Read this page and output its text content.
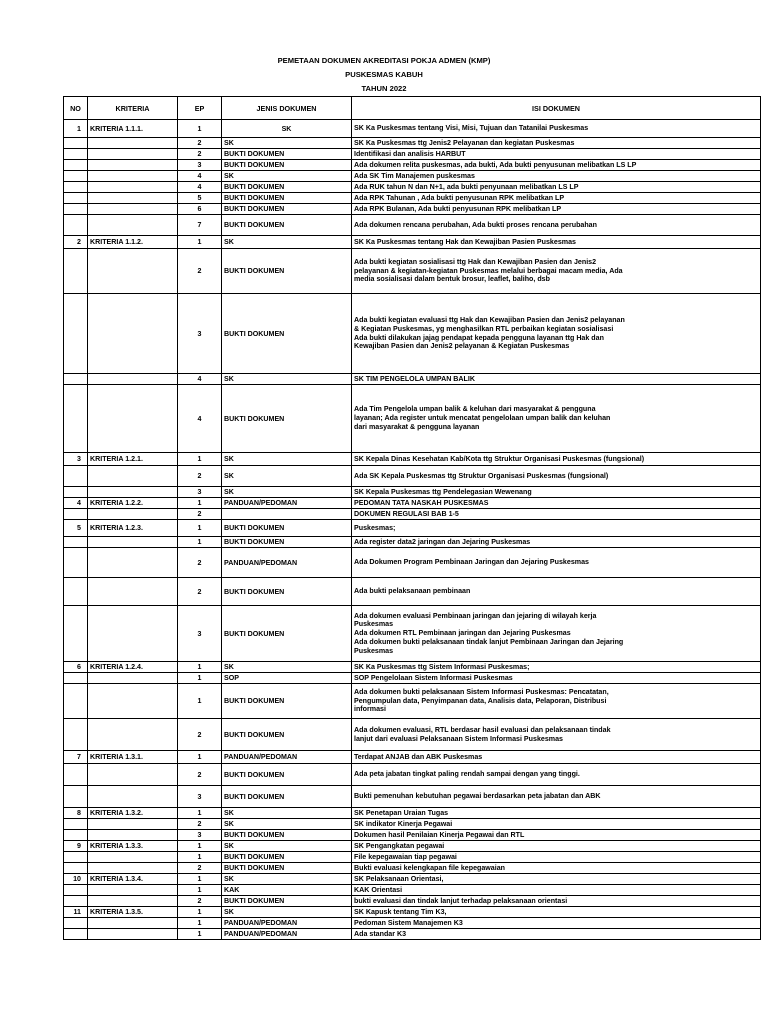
PEMETAAN DOKUMEN AKREDITASI POKJA ADMEN (KMP)
PUSKESMAS KABUH
TAHUN 2022
NO	KRITERIA	EP	JENIS DOKUMEN	ISI DOKUMEN
1	KRITERIA 1.1.1.	1	SK	SK Ka Puskesmas tentang Visi, Misi, Tujuan dan Tatanilai Puskesmas
		2	SK	SK Ka Puskesmas ttg Jenis2 Pelayanan dan kegiatan Puskesmas
		2	BUKTI DOKUMEN	Identifikasi dan analisis HARBUT
		3	BUKTI DOKUMEN	Ada dokumen relita puskesmas, ada bukti, Ada bukti penyusunan melibatkan LS LP
		4	SK	Ada SK Tim Manajemen puskesmas
		4	BUKTI DOKUMEN	Ada RUK tahun N dan N+1, ada bukti penyunaan melibatkan LS LP
		5	BUKTI DOKUMEN	Ada RPK Tahunan , Ada bukti penyusunan RPK melibatkan LP
		6	BUKTI DOKUMEN	Ada RPK Bulanan, Ada bukti penyusunan RPK melibatkan LP
		7	BUKTI DOKUMEN	Ada dokumen rencana perubahan, Ada bukti proses rencana perubahan
2	KRITERIA 1.1.2.	1	SK	SK Ka Puskesmas tentang Hak dan Kewajiban Pasien Puskesmas
		2	BUKTI DOKUMEN	Ada bukti kegiatan sosialisasi ttg Hak dan Kewajiban Pasien dan Jenis2
pelayanan & kegiatan-kegiatan Puskesmas melalui berbagai macam media, Ada
media sosialisasi dalam bentuk brosur, leaflet, baliho, dsb
		3	BUKTI DOKUMEN	Ada bukti kegiatan evaluasi ttg Hak dan Kewajiban Pasien dan Jenis2 pelayanan
& Kegiatan Puskesmas, yg menghasilkan RTL perbaikan kegiatan sosialisasi
Ada bukti dilakukan jajag pendapat kepada pengguna layanan ttg Hak dan
Kewajiban Pasien dan Jenis2 pelayanan & Kegiatan Puskesmas
		4	SK	SK TIM PENGELOLA UMPAN BALIK
		4	BUKTI DOKUMEN	Ada Tim Pengelola umpan balik & keluhan dari masyarakat & pengguna
layanan; Ada register untuk mencatat pengelolaan umpan balik dan keluhan
dari masyarakat & pengguna layanan
3	KRITERIA 1.2.1.	1	SK	SK Kepala Dinas Kesehatan Kab/Kota ttg Struktur Organisasi Puskesmas (fungsional)
		2	SK	Ada SK Kepala Puskesmas ttg Struktur Organisasi Puskesmas (fungsional)
		3	SK	SK Kepala Puskesmas ttg Pendelegasian Wewenang
4	KRITERIA 1.2.2.	1	PANDUAN/PEDOMAN	PEDOMAN TATA NASKAH PUSKESMAS
		2		DOKUMEN REGULASI BAB 1-5
5	KRITERIA 1.2.3.	1	BUKTI DOKUMEN	Puskesmas;
		1	BUKTI DOKUMEN	Ada register data2 jaringan dan Jejaring Puskesmas
		2	PANDUAN/PEDOMAN	Ada Dokumen Program Pembinaan Jaringan dan Jejaring Puskesmas
		2	BUKTI DOKUMEN	Ada bukti pelaksanaan pembinaan
		3	BUKTI DOKUMEN	Ada dokumen evaluasi Pembinaan jaringan dan jejaring di wilayah kerja
Puskesmas
Ada dokumen RTL Pembinaan jaringan dan Jejaring Puskesmas
Ada dokumen bukti pelaksanaan tindak lanjut Pembinaan Jaringan dan Jejaring
Puskesmas
6	KRITERIA 1.2.4.	1	SK	SK Ka Puskesmas ttg Sistem Informasi Puskesmas;
		1	SOP	SOP Pengelolaan Sistem Informasi Puskesmas
		1	BUKTI DOKUMEN	Ada dokumen bukti pelaksanaan Sistem Informasi Puskesmas: Pencatatan,
Pengumpulan data, Penyimpanan data, Analisis data, Pelaporan, Distribusi
informasi
		2	BUKTI DOKUMEN	Ada dokumen evaluasi, RTL berdasar hasil evaluasi dan pelaksanaan tindak
lanjut dari evaluasi Pelaksanaan Sistem Informasi Puskesmas
7	KRITERIA 1.3.1.	1	PANDUAN/PEDOMAN	Terdapat ANJAB dan ABK Puskesmas
		2	BUKTI DOKUMEN	Ada peta jabatan tingkat paling rendah sampai dengan yang tinggi.
		3	BUKTI DOKUMEN	Bukti pemenuhan kebutuhan pegawai berdasarkan peta jabatan dan ABK
8	KRITERIA 1.3.2.	1	SK	SK Penetapan Uraian Tugas
		2	SK	SK indikator Kinerja Pegawai
		3	BUKTI DOKUMEN	Dokumen hasil Penilaian Kinerja Pegawai dan RTL
9	KRITERIA 1.3.3.	1	SK	SK Pengangkatan pegawai
		1	BUKTI DOKUMEN	File kepegawaian tiap pegawai
		2	BUKTI DOKUMEN	Bukti evaluasi kelengkapan file kepegawaian
10	KRITERIA 1.3.4.	1	SK	SK Pelaksanaan Orientasi,
		1	KAK	KAK Orientasi
		2	BUKTI DOKUMEN	bukti evaluasi dan tindak lanjut terhadap pelaksanaan orientasi
11	KRITERIA 1.3.5.	1	SK	SK Kapusk tentang Tim K3,
		1	PANDUAN/PEDOMAN	Pedoman Sistem Manajemen K3
		1	PANDUAN/PEDOMAN	Ada standar K3
